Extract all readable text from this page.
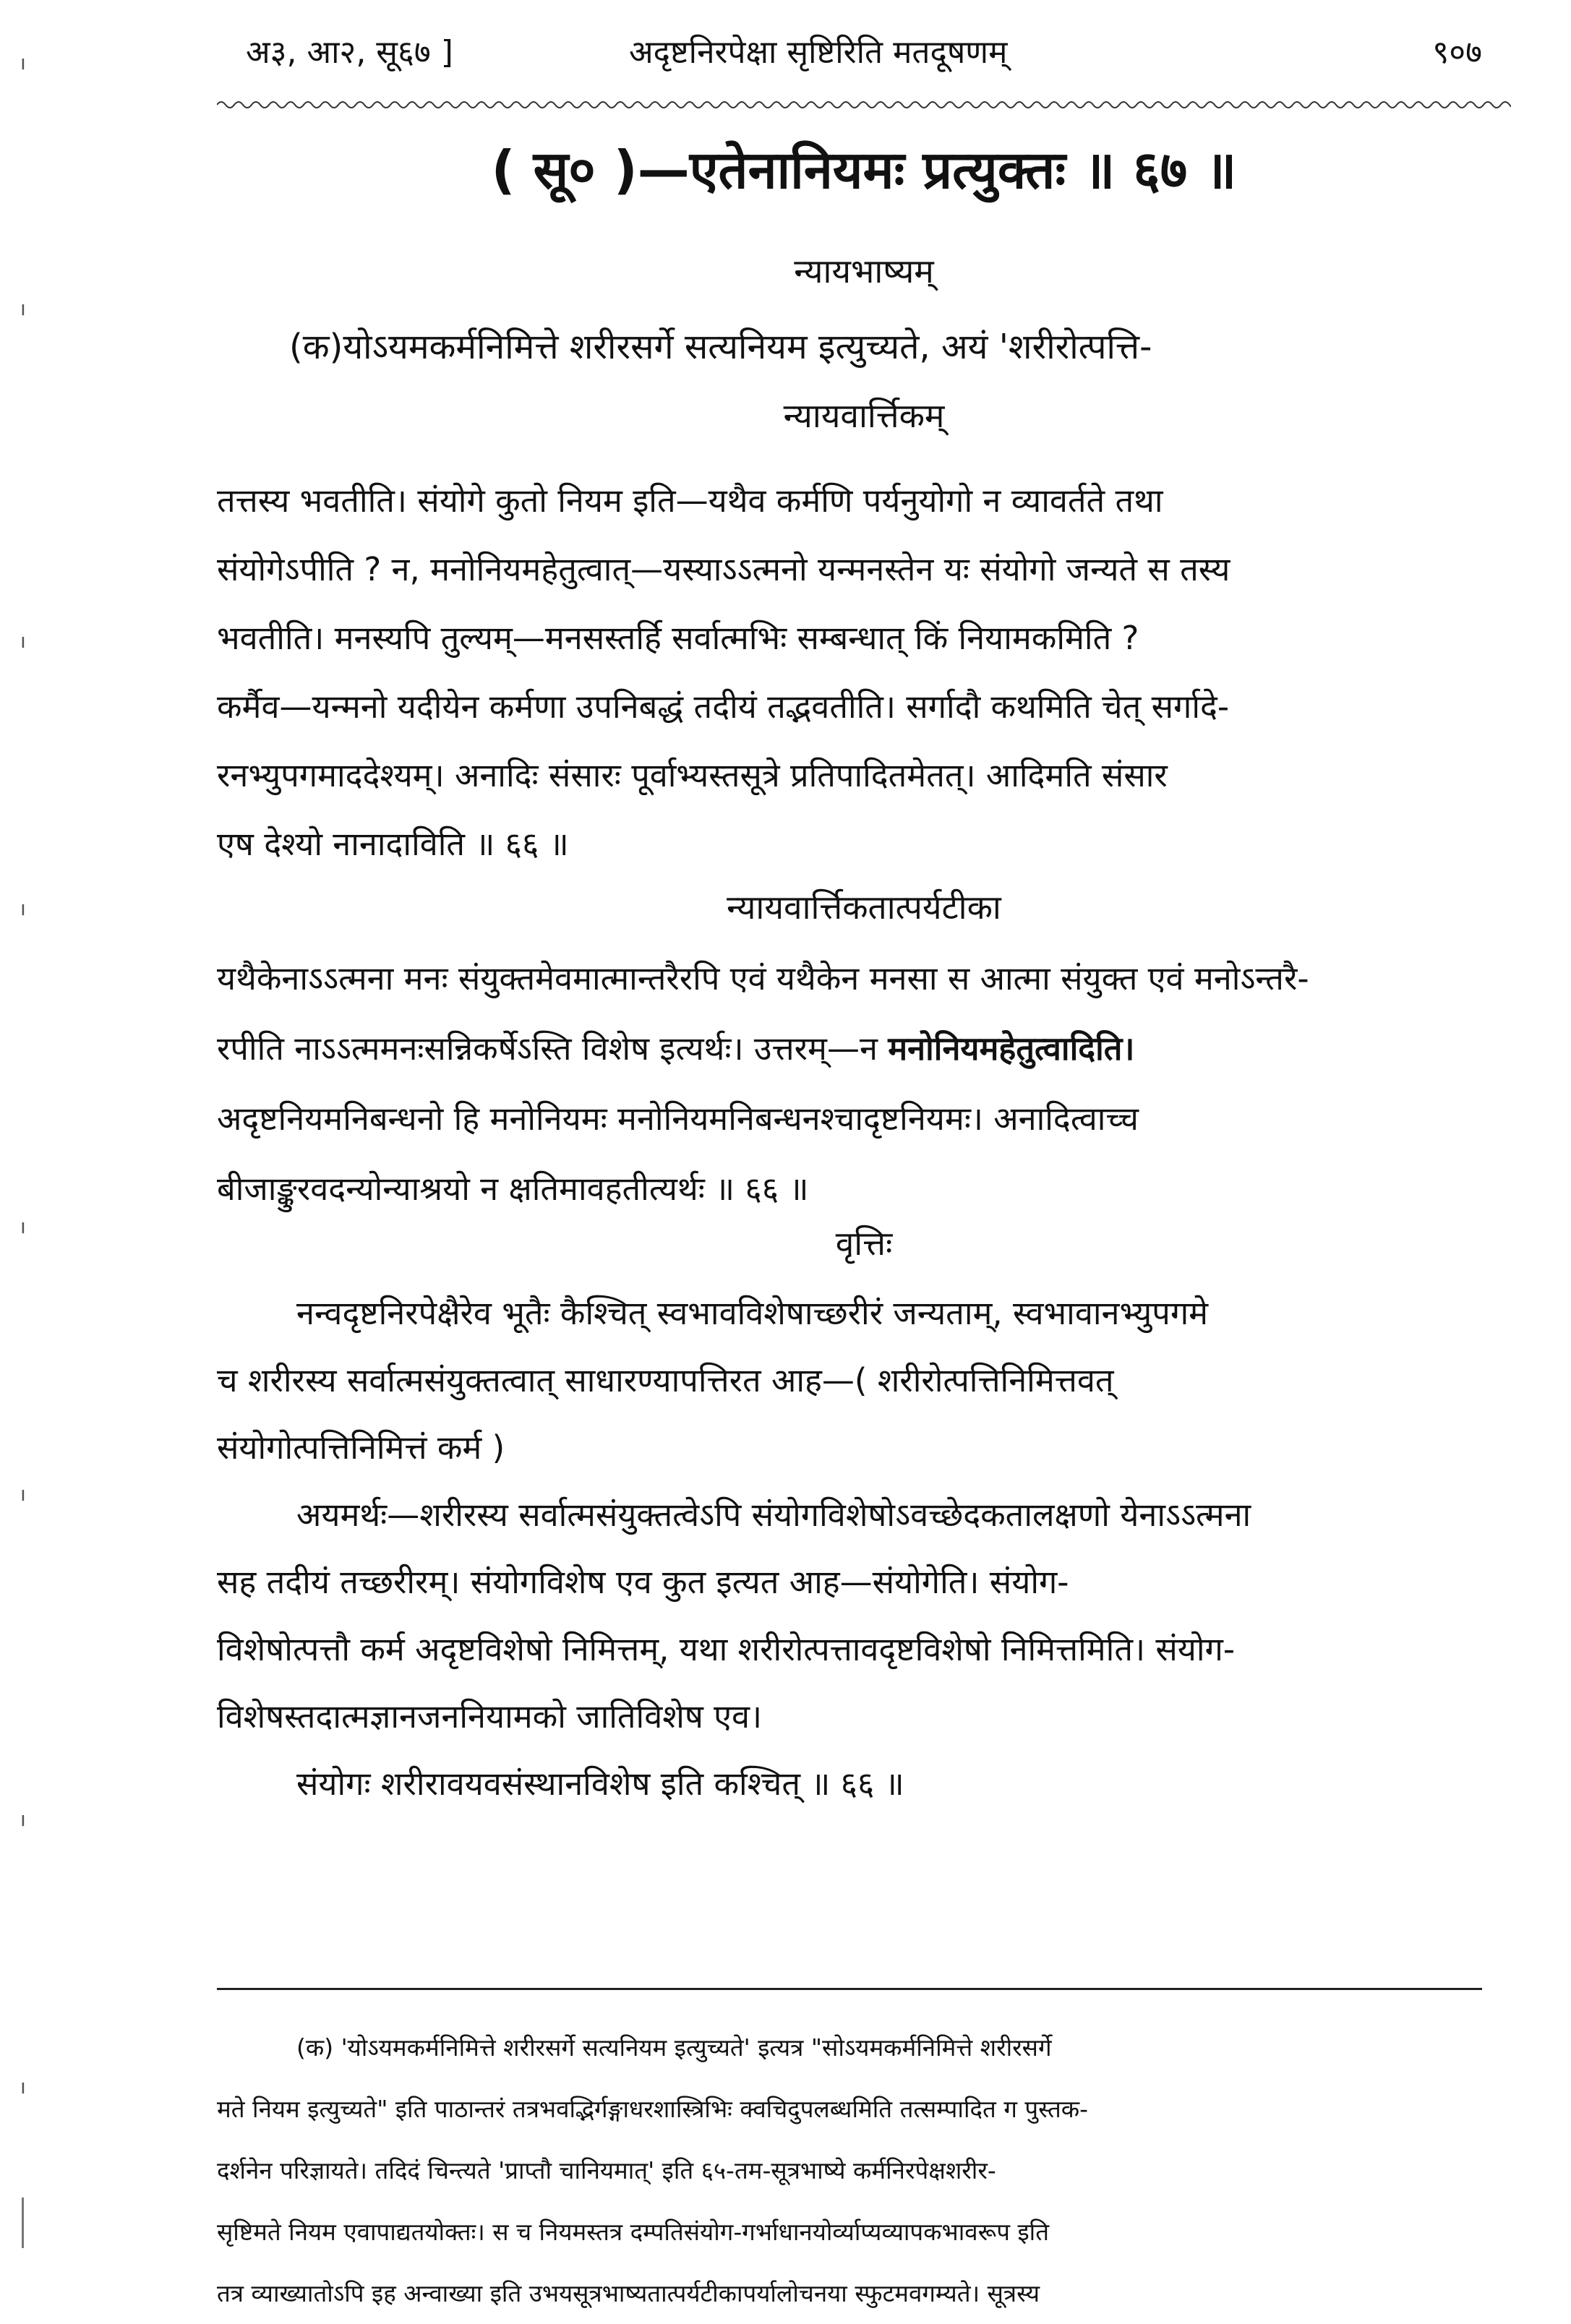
अ३, आ२, सू६७ ]	अदृष्टनिरपेक्षा सृष्टिरिति मतदूषणम्	९०७
( सू० )—एतेनानियमः प्रत्युक्तः ॥ ६७ ॥
न्यायभाष्यम्
(क)योऽयमकर्मनिमित्ते शरीरसर्गे सत्यनियम इत्युच्यते, अयं 'शरीरोत्पत्ति-
न्यायवार्त्तिकम्
तत्तस्य भवतीति। संयोगे कुतो नियम इति—यथैव कर्मणि पर्यनुयोगो न व्यावर्तते तथा
संयोगेऽपीति ? न, मनोनियमहेतुत्वात्—यस्याऽऽत्मनो यन्मनस्तेन यः संयोगो जन्यते स तस्य
भवतीति। मनस्यपि तुल्यम्—मनसस्तर्हि सर्वात्मभिः सम्बन्धात् किं नियामकमिति ?
कर्मैव—यन्मनो यदीयेन कर्मणा उपनिबद्धं तदीयं तद्भवतीति। सर्गादौ कथमिति चेत् सर्गादे-
रनभ्युपगमाददेश्यम्। अनादिः संसारः पूर्वाभ्यस्तसूत्रे प्रतिपादितमेतत्। आदिमति संसार
एष देश्यो नानादाविति ॥ ६६ ॥
न्यायवार्त्तिकतात्पर्यटीका
यथैकेनाऽऽत्मना मनः संयुक्तमेवमात्मान्तरैरपि एवं यथैकेन मनसा स आत्मा संयुक्त एवं मनोऽन्तरै-
रपीति नाऽऽत्ममनःसन्निकर्षेऽस्ति विशेष इत्यर्थः। उत्तरम्—न मनोनियमहेतुत्वादिति।
अदृष्टनियमनिबन्धनो हि मनोनियमः मनोनियमनिबन्धनश्चादृष्टनियमः। अनादित्वाच्च
बीजाङ्कुरवदन्योन्याश्रयो न क्षतिमावहतीत्यर्थः ॥ ६६ ॥
वृत्तिः
नन्वदृष्टनिरपेक्षैरेव भूतैः कैश्चित् स्वभावविशेषाच्छरीरं जन्यताम्, स्वभावानभ्युपगमे
च शरीरस्य सर्वात्मसंयुक्तत्वात् साधारण्यापत्तिरत आह—( शरीरोत्पत्तिनिमित्तवत्
संयोगोत्पत्तिनिमित्तं कर्म )
अयमर्थः—शरीरस्य सर्वात्मसंयुक्तत्वेऽपि संयोगविशेषोऽवच्छेदकतालक्षणो येनाऽऽत्मना
सह तदीयं तच्छरीरम्। संयोगविशेष एव कुत इत्यत आह—संयोगेति। संयोग-
विशेषोत्पत्तौ कर्म अदृष्टविशेषो निमित्तम्, यथा शरीरोत्पत्तावदृष्टविशेषो निमित्तमिति। संयोग-
विशेषस्तदात्मज्ञानजननियामको जातिविशेष एव।
संयोगः शरीरावयवसंस्थानविशेष इति कश्चित् ॥ ६६ ॥
(क) 'योऽयमकर्मनिमित्ते शरीरसर्गे सत्यनियम इत्युच्यते' इत्यत्र "सोऽयमकर्मनिमित्ते शरीरसर्गे
मते नियम इत्युच्यते" इति पाठान्तरं तत्रभवद्भिर्गङ्गाधरशास्त्रिभिः क्वचिदुपलब्धमिति तत्सम्पादित ग पुस्तक-
दर्शनेन परिज्ञायते। तदिदं चिन्त्यते 'प्राप्तौ चानियमात्' इति ६५-तम-सूत्रभाष्ये कर्मनिरपेक्षशरीर-
सृष्टिमते नियम एवापाद्यतयोक्तः। स च नियमस्तत्र दम्पतिसंयोग-गर्भाधानयोर्व्याप्यव्यापकभावरूप इति
तत्र व्याख्यातोऽपि इह अन्वाख्या इति उभयसूत्रभाष्यतात्पर्यटीकापर्यालोचनया स्फुटमवगम्यते। सूत्रस्य
ı
ı
ı
ı
ı
ı
ı
ı
